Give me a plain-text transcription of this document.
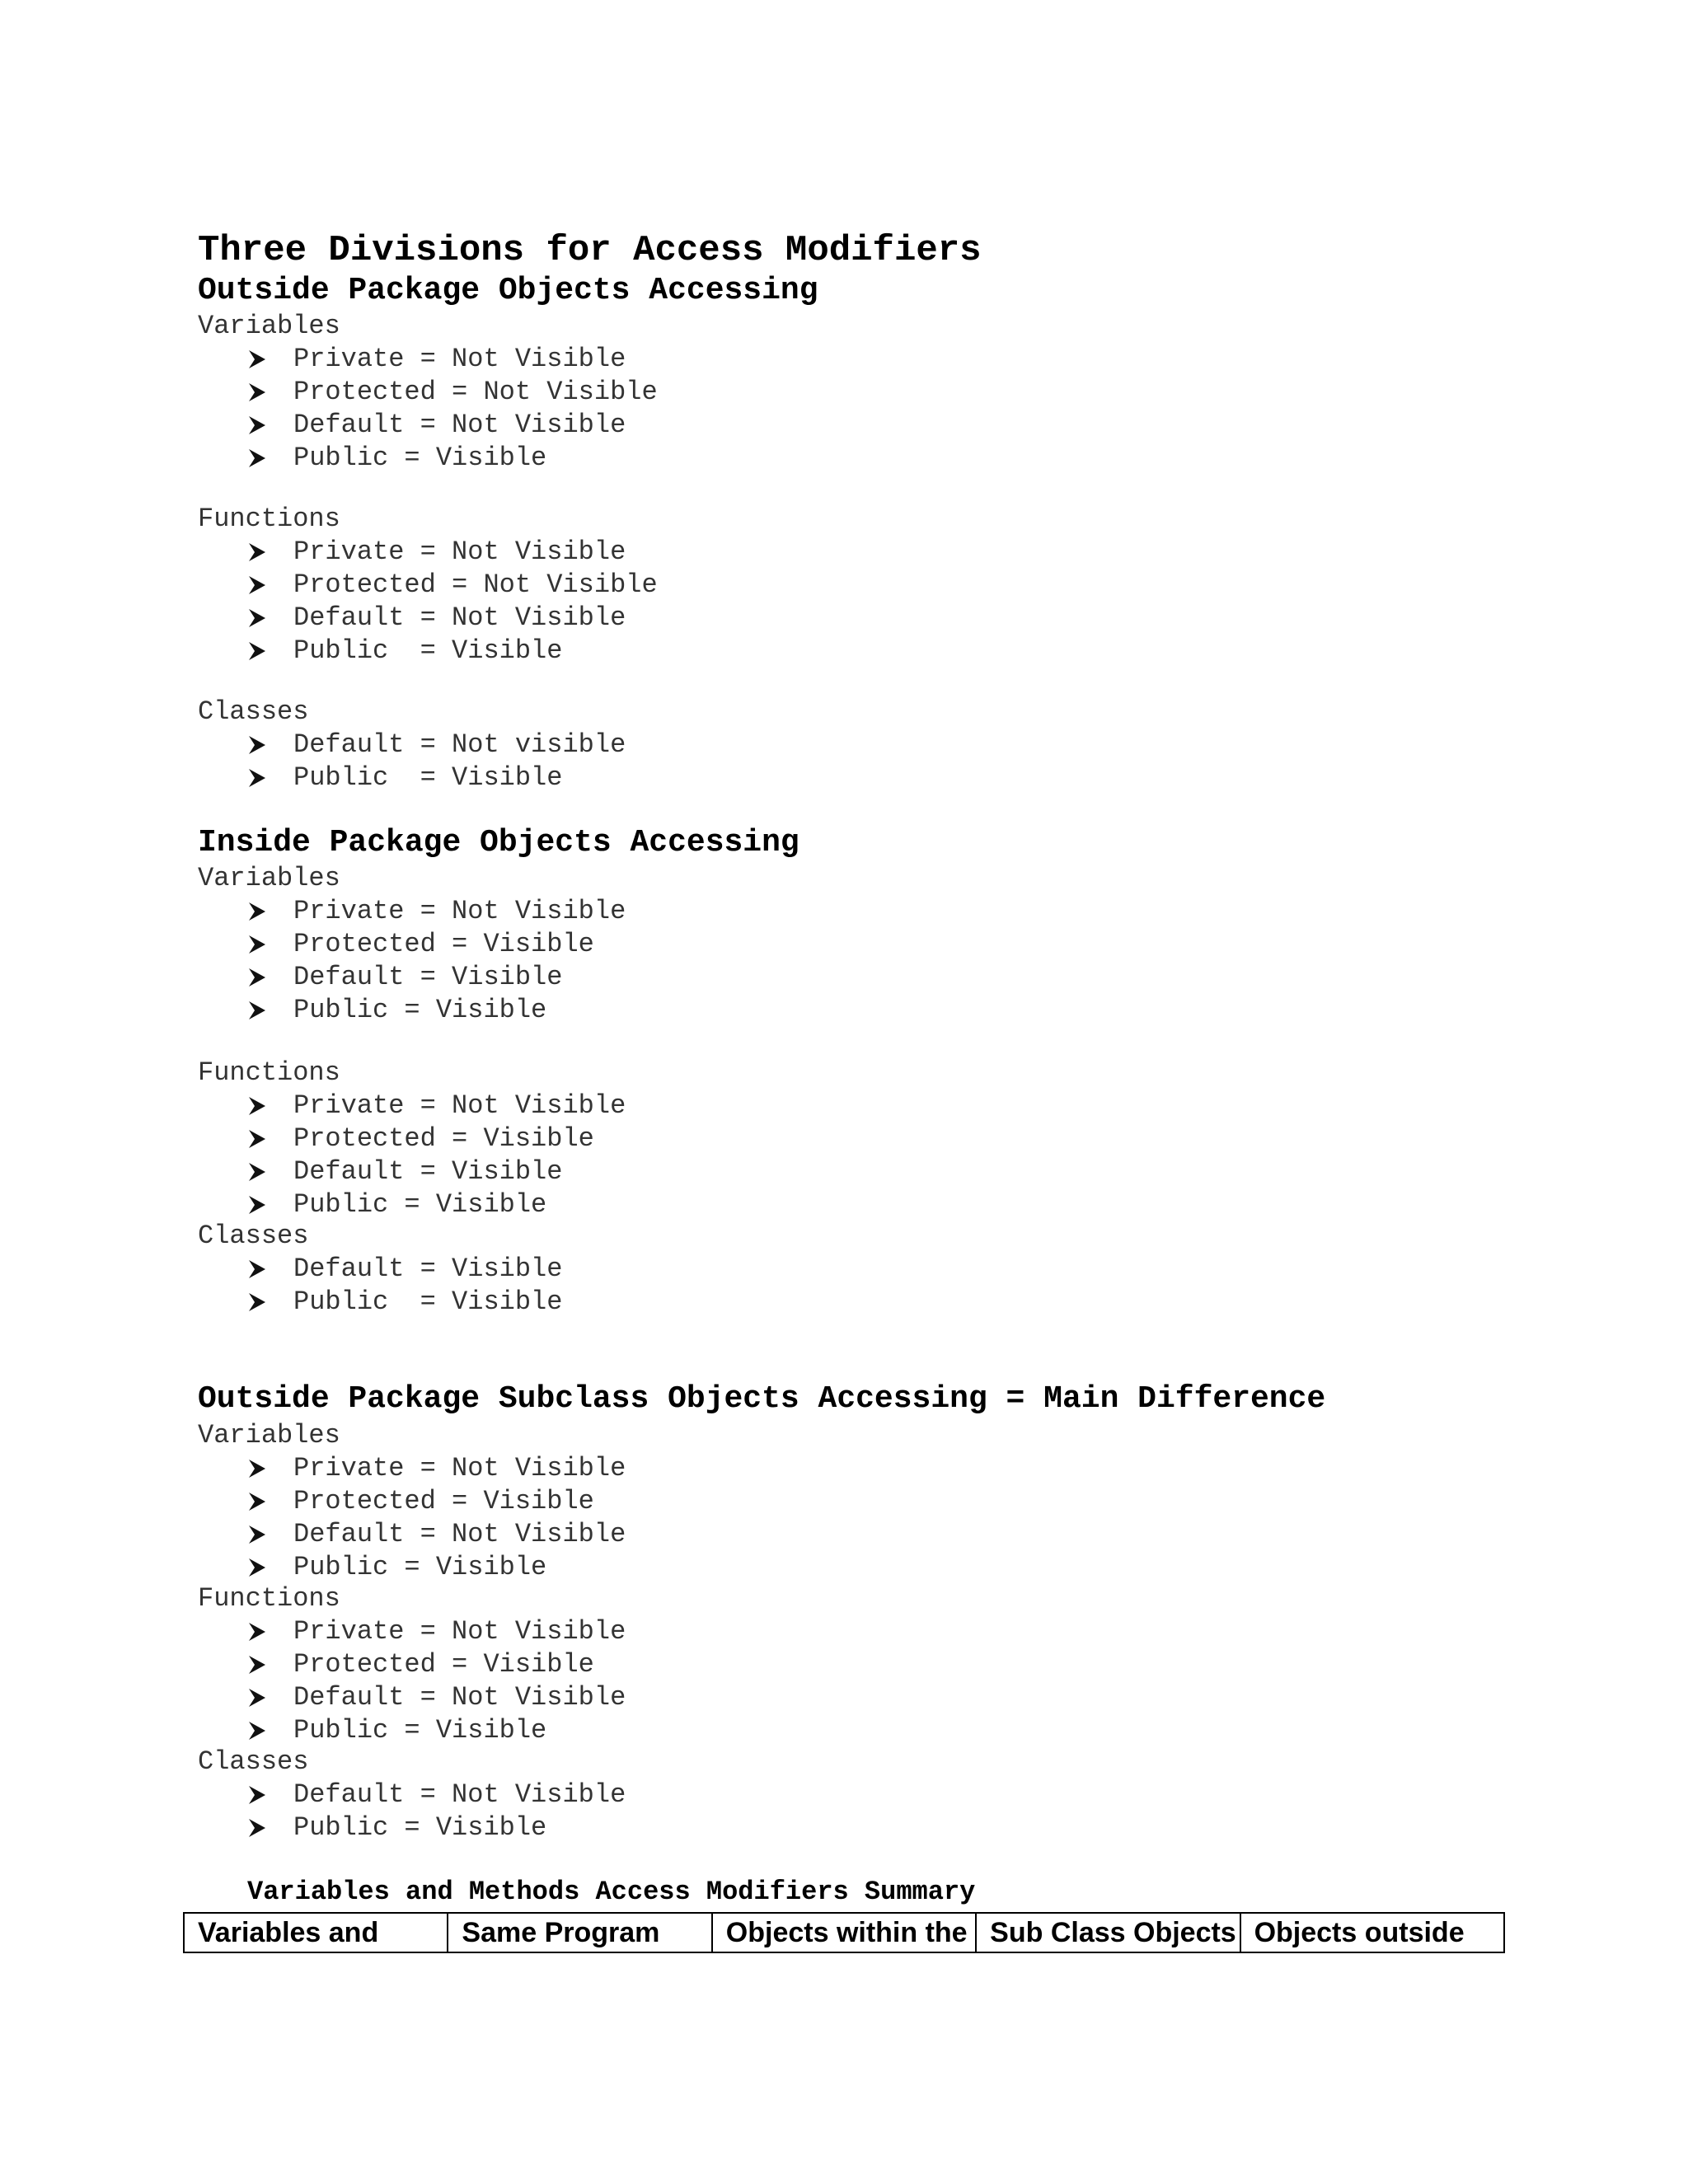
Three Divisions for Access Modifiers
Outside Package Objects Accessing
Variables
Private = Not Visible
Protected = Not Visible
Default = Not Visible
Public = Visible
Functions
Private = Not Visible
Protected = Not Visible
Default = Not Visible
Public  = Visible
Classes
Default = Not visible
Public  = Visible
Inside Package Objects Accessing
Variables
Private = Not Visible
Protected = Visible
Default = Visible
Public = Visible
Functions
Private = Not Visible
Protected = Visible
Default = Visible
Public = Visible
Classes
Default = Visible
Public  = Visible
Outside Package Subclass Objects Accessing = Main Difference
Variables
Private = Not Visible
Protected = Visible
Default = Not Visible
Public = Visible
Functions
Private = Not Visible
Protected = Visible
Default = Not Visible
Public = Visible
Classes
Default = Not Visible
Public = Visible
Variables and Methods Access Modifiers Summary
Variables and	Same Program	Objects within the	Sub Class Objects	Objects outside
